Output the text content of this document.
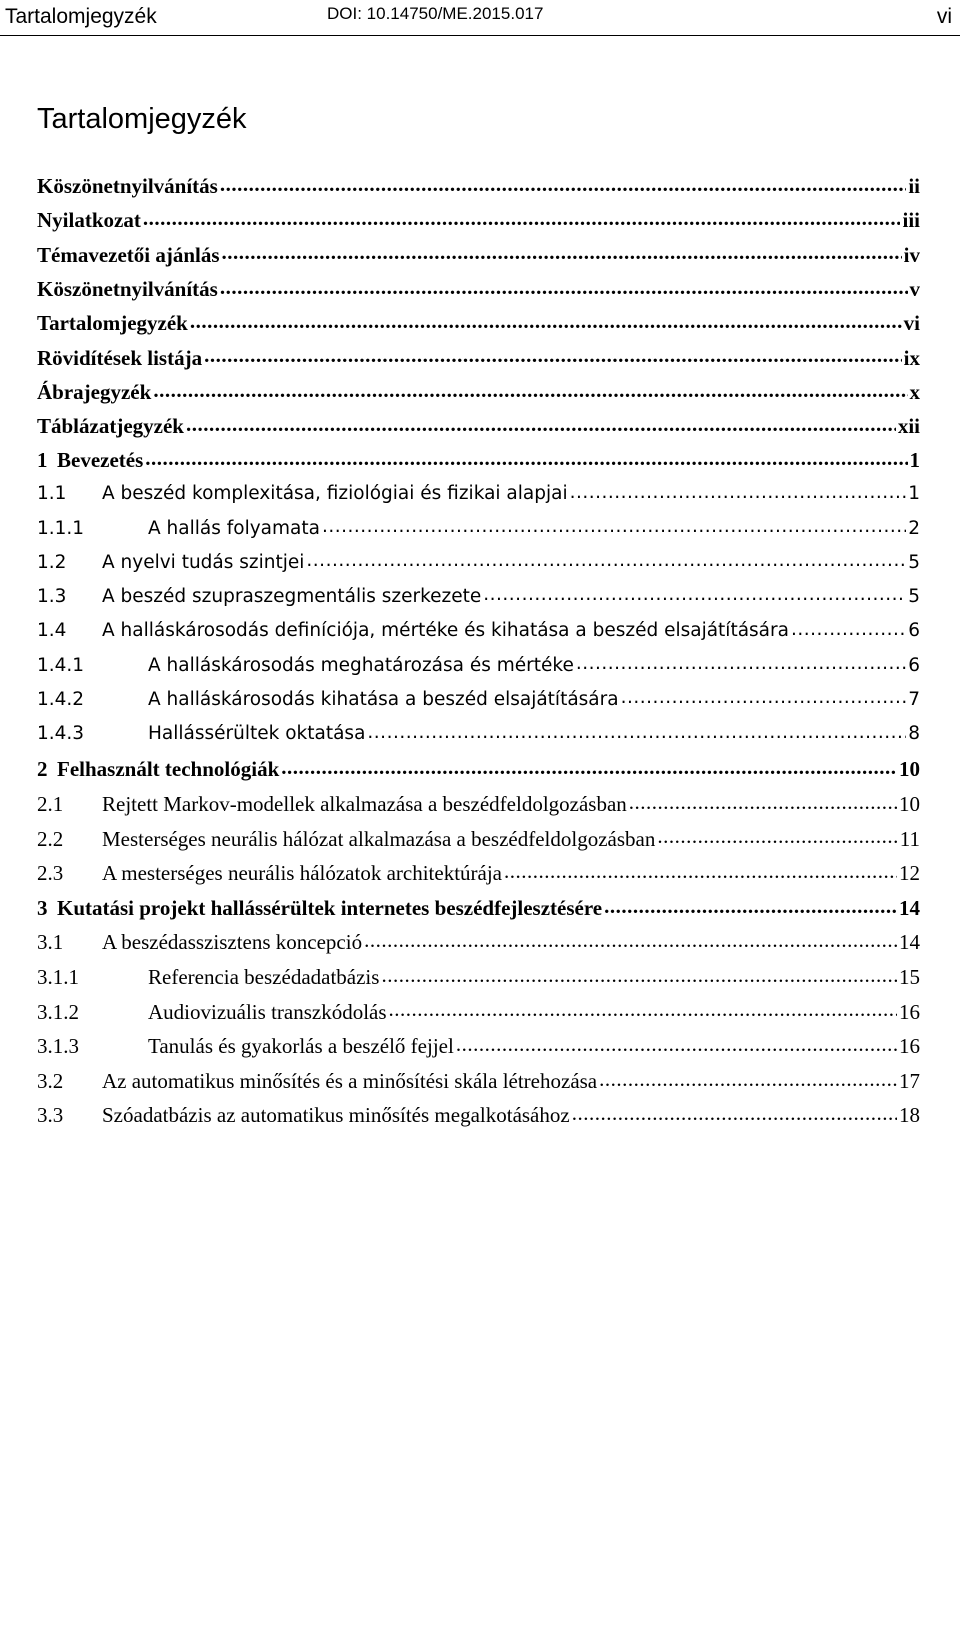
Tartalomjegyzék	DOI: 10.14750/ME.2015.017	vi
Tartalomjegyzék
Köszönetnyilvánítás .....	ii
Nyilatkozat .....	iii
Témavezetői ajánlás .....	iv
Köszönetnyilvánítás .....	v
Tartalomjegyzék .....	vi
Rövidítések listája .....	ix
Ábrajegyzék .....	x
Táblázatjegyzék .....	xii
1 Bevezetés .....	1
1.1	A beszéd komplexitása, fiziológiai és fizikai alapjai .....	1
1.1.1	A hallás folyamata .....	2
1.2	A nyelvi tudás szintjei .....	5
1.3	A beszéd szupraszegmentális szerkezete .....	5
1.4	A halláskárosodás definíciója, mértéke és kihatása a beszéd elsajátítására .....	6
1.4.1	A halláskárosodás meghatározása és mértéke .....	6
1.4.2	A halláskárosodás kihatása a beszéd elsajátítására .....	7
1.4.3	Hallássérültek oktatása .....	8
2 Felhasznált technológiák .....	10
2.1	Rejtett Markov-modellek alkalmazása a beszédfeldolgozásban .....	10
2.2	Mesterséges neurális hálózat alkalmazása a beszédfeldolgozásban .....	11
2.3	A mesterséges neurális hálózatok architektúrája .....	12
3 Kutatási projekt hallássérültek internetes beszédfejlesztésére .....	14
3.1	A beszédasszisztens koncepció .....	14
3.1.1	Referencia beszédadatbázis .....	15
3.1.2	Audiovizuális transzkódolás .....	16
3.1.3	Tanulás és gyakorlás a beszélő fejjel .....	16
3.2	Az automatikus minősítés és a minősítési skála létrehozása .....	17
3.3	Szóadatbázis az automatikus minősítés megalkotásához .....	18
